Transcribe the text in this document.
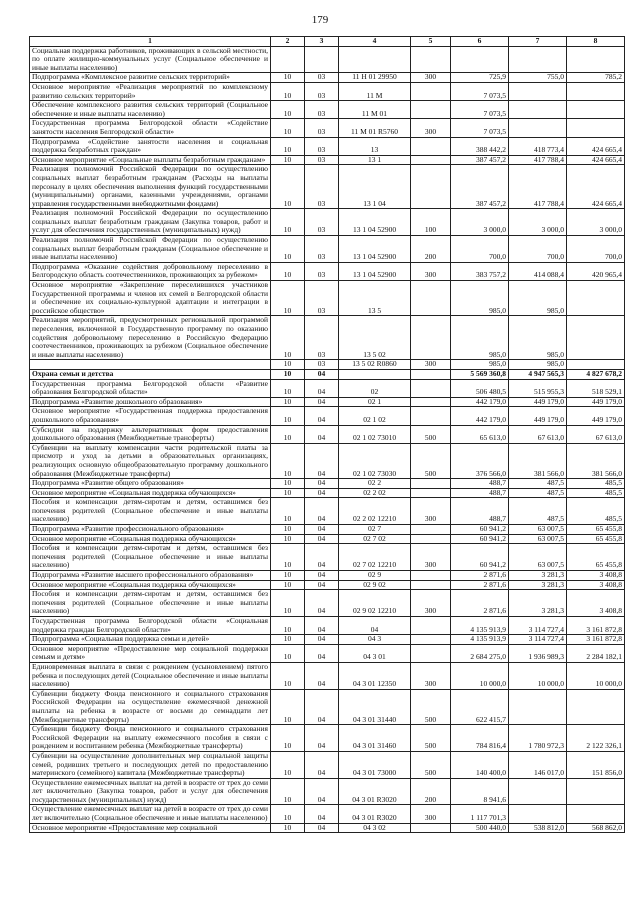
179
1	2	3	4	5	6	7	8
Социальная поддержка работников, проживающих в сельской местности, по оплате жилищно-коммунальных услуг (Социальное обеспечение и иные выплаты населению)							
Подпрограмма «Комплексное развитие сельских территорий»	10	03	11 Н 01 29950	300	725,9	755,0	785,2
Основное мероприятие «Реализация мероприятий по комплексному развитию сельских территорий»	10	03	11 М		7 073,5		
Обеспечение комплексного развития сельских территорий (Социальное обеспечение и иные выплаты населению)	10	03	11 М 01		7 073,5		
Государственная программа Белгородской области «Содействие занятости населения Белгородской области»	10	03	11 М 01 R5760	300	7 073,5		
Подпрограмма «Содействие занятости населения и социальная поддержка безработных граждан»	10	03	13		388 442,2	418 773,4	424 665,4
Основное мероприятие «Социальные выплаты безработным гражданам»	10	03	13 1		387 457,2	417 788,4	424 665,4
Реализация полномочий Российской Федерации по осуществлению социальных выплат безработным гражданам (Расходы на выплаты персоналу в целях обеспечения выполнения функций государственными (муниципальными) органами, казенными учреждениями, органами управления государственными внебюджетными фондами)	10	03	13 1 04		387 457,2	417 788,4	424 665,4
Реализация полномочий Российской Федерации по осуществлению социальных выплат безработным гражданам (Закупка товаров, работ и услуг для обеспечения государственных (муниципальных) нужд)	10	03	13 1 04 52900	100	3 000,0	3 000,0	3 000,0
Реализация полномочий Российской Федерации по осуществлению социальных выплат безработным гражданам (Социальное обеспечение и иные выплаты населению)	10	03	13 1 04 52900	200	700,0	700,0	700,0
Подпрограмма «Оказание содействия добровольному переселению в Белгородскую область соотечественников, проживающих за рубежом»	10	03	13 1 04 52900	300	383 757,2	414 088,4	420 965,4
Основное мероприятие «Закрепление переселившихся участников Государственной программы и членов их семей в Белгородской области и обеспечение их социально-культурной адаптации и интеграции в российское общество»	10	03	13 5		985,0	985,0	
Реализация мероприятий, предусмотренных региональной программой переселения, включенной в Государственную программу по оказанию содействия добровольному переселению в Российскую Федерацию соотечественников, проживающих за рубежом (Социальное обеспечение и иные выплаты населению)	10	03	13 5 02		985,0	985,0	
	10	03	13 5 02 R0860	300	985,0	985,0	
Охрана семьи и детства	10	04			5 569 360,8	4 947 565,3	4 827 678,2
Государственная программа Белгородской области «Развитие образования Белгородской области»	10	04	02		506 480,5	515 955,3	518 529,1
Подпрограмма «Развитие дошкольного образования»	10	04	02 1		442 179,0	449 179,0	449 179,0
Основное мероприятие «Государственная поддержка предоставления дошкольного образования»	10	04	02 1 02		442 179,0	449 179,0	449 179,0
Субсидии на поддержку альтернативных форм предоставления дошкольного образования (Межбюджетные трансферты)	10	04	02 1 02 73010	500	65 613,0	67 613,0	67 613,0
Субвенции на выплату компенсации части родительской платы за присмотр и уход за детьми в образовательных организациях, реализующих основную общеобразовательную программу дошкольного образования (Межбюджетные трансферты)	10	04	02 1 02 73030	500	376 566,0	381 566,0	381 566,0
Подпрограмма «Развитие общего образования»	10	04	02 2		488,7	487,5	485,5
Основное мероприятие «Социальная поддержка обучающихся»	10	04	02 2 02		488,7	487,5	485,5
Пособия и компенсации детям-сиротам и детям, оставшимся без попечения родителей (Социальное обеспечение и иные выплаты населению)	10	04	02 2 02 12210	300	488,7	487,5	485,5
Подпрограмма «Развитие профессионального образования»	10	04	02 7		60 941,2	63 007,5	65 455,8
Основное мероприятие «Социальная поддержка обучающихся»	10	04	02 7 02		60 941,2	63 007,5	65 455,8
Пособия и компенсации детям-сиротам и детям, оставшимся без попечения родителей (Социальное обеспечение и иные выплаты населению)	10	04	02 7 02 12210	300	60 941,2	63 007,5	65 455,8
Подпрограмма «Развитие высшего профессионального образования»	10	04	02 9		2 871,6	3 281,3	3 408,8
Основное мероприятие «Социальная поддержка обучающихся»	10	04	02 9 02		2 871,6	3 281,3	3 408,8
Пособия и компенсации детям-сиротам и детям, оставшимся без попечения родителей (Социальное обеспечение и иные выплаты населению)	10	04	02 9 02 12210	300	2 871,6	3 281,3	3 408,8
Государственная программа Белгородской области «Социальная поддержка граждан Белгородской области»	10	04	04		4 135 913,9	3 114 727,4	3 161 872,8
Подпрограмма «Социальная поддержка семьи и детей»	10	04	04 3		4 135 913,9	3 114 727,4	3 161 872,8
Основное мероприятие «Предоставление мер социальной поддержки семьям и детям»	10	04	04 3 01		2 684 275,0	1 936 989,3	2 284 182,1
Единовременная выплата в связи с рождением (усыновлением) пятого ребенка и последующих детей (Социальное обеспечение и иные выплаты населению)	10	04	04 3 01 12350	300	10 000,0	10 000,0	10 000,0
Субвенции бюджету Фонда пенсионного и социального страхования Российской Федерации на осуществление ежемесячной денежной выплаты на ребенка в возрасте от восьми до семнадцати лет (Межбюджетные трансферты)	10	04	04 3 01 31440	500	622 415,7		
Субвенции бюджету Фонда пенсионного и социального страхования Российской Федерации на выплату ежемесячного пособия в связи с рождением и воспитанием ребенка (Межбюджетные трансферты)	10	04	04 3 01 31460	500	784 816,4	1 780 972,3	2 122 326,1
Субвенции на осуществление дополнительных мер социальной защиты семей, родивших третьего и последующих детей по предоставлению материнского (семейного) капитала (Межбюджетные трансферты)	10	04	04 3 01 73000	500	140 400,0	146 017,0	151 856,0
Осуществление ежемесячных выплат на детей в возрасте от трех до семи лет включительно (Закупка товаров, работ и услуг для обеспечения государственных (муниципальных) нужд)	10	04	04 3 01 R3020	200	8 941,6		
Осуществление ежемесячных выплат на детей в возрасте от трех до семи лет включительно (Социальное обеспечение и иные выплаты населению)	10	04	04 3 01 R3020	300	1 117 701,3		
Основное мероприятие «Предоставление мер социальной	10	04	04 3 02		500 440,0	538 812,0	568 862,0
